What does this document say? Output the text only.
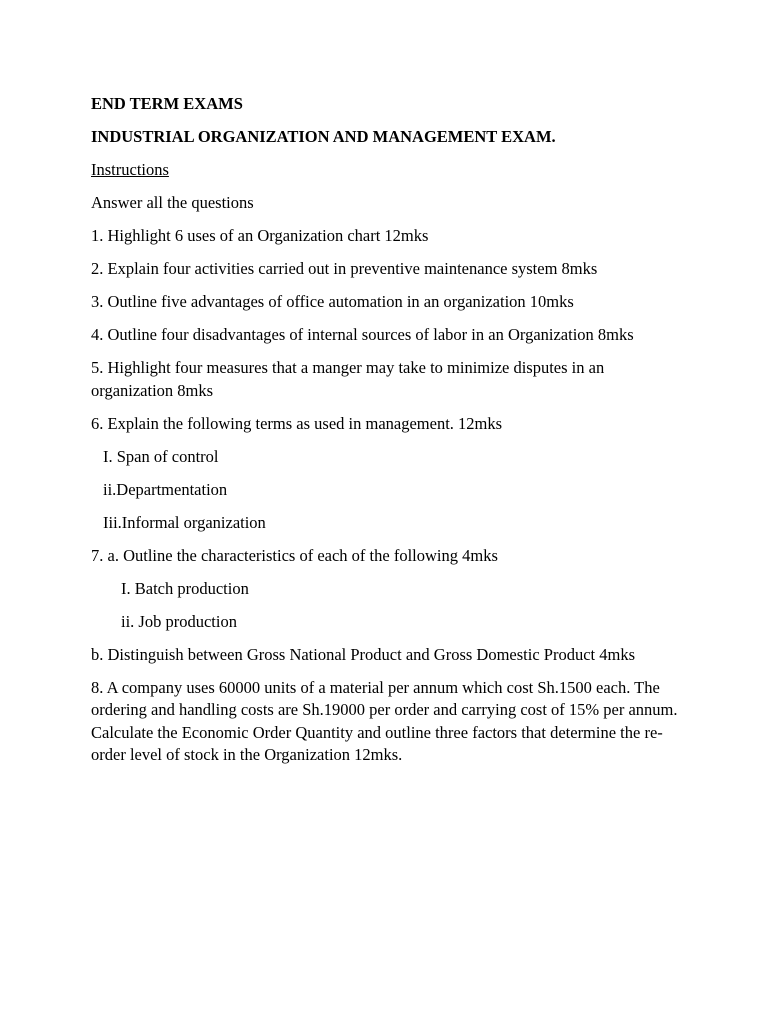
END TERM EXAMS
INDUSTRIAL ORGANIZATION AND MANAGEMENT EXAM.
Instructions
Answer all the questions
1. Highlight 6 uses of an Organization chart 12mks
2. Explain four activities carried out in preventive maintenance system 8mks
3. Outline five advantages of office automation in an organization 10mks
4. Outline four disadvantages of internal sources of labor in an Organization 8mks
5. Highlight four measures that a manger may take to minimize disputes in an organization 8mks
6. Explain the following terms as used in management. 12mks
I. Span of control
ii.Departmentation
Iii.Informal organization
7. a. Outline the characteristics of each of the following 4mks
I. Batch production
ii. Job production
b. Distinguish between Gross National Product and Gross Domestic Product 4mks
8. A company uses 60000 units of a material per annum which cost Sh.1500 each. The ordering and handling costs are Sh.19000 per order and carrying cost of 15% per annum. Calculate the Economic Order Quantity and outline three factors that determine the re-order level of stock in the Organization 12mks.
